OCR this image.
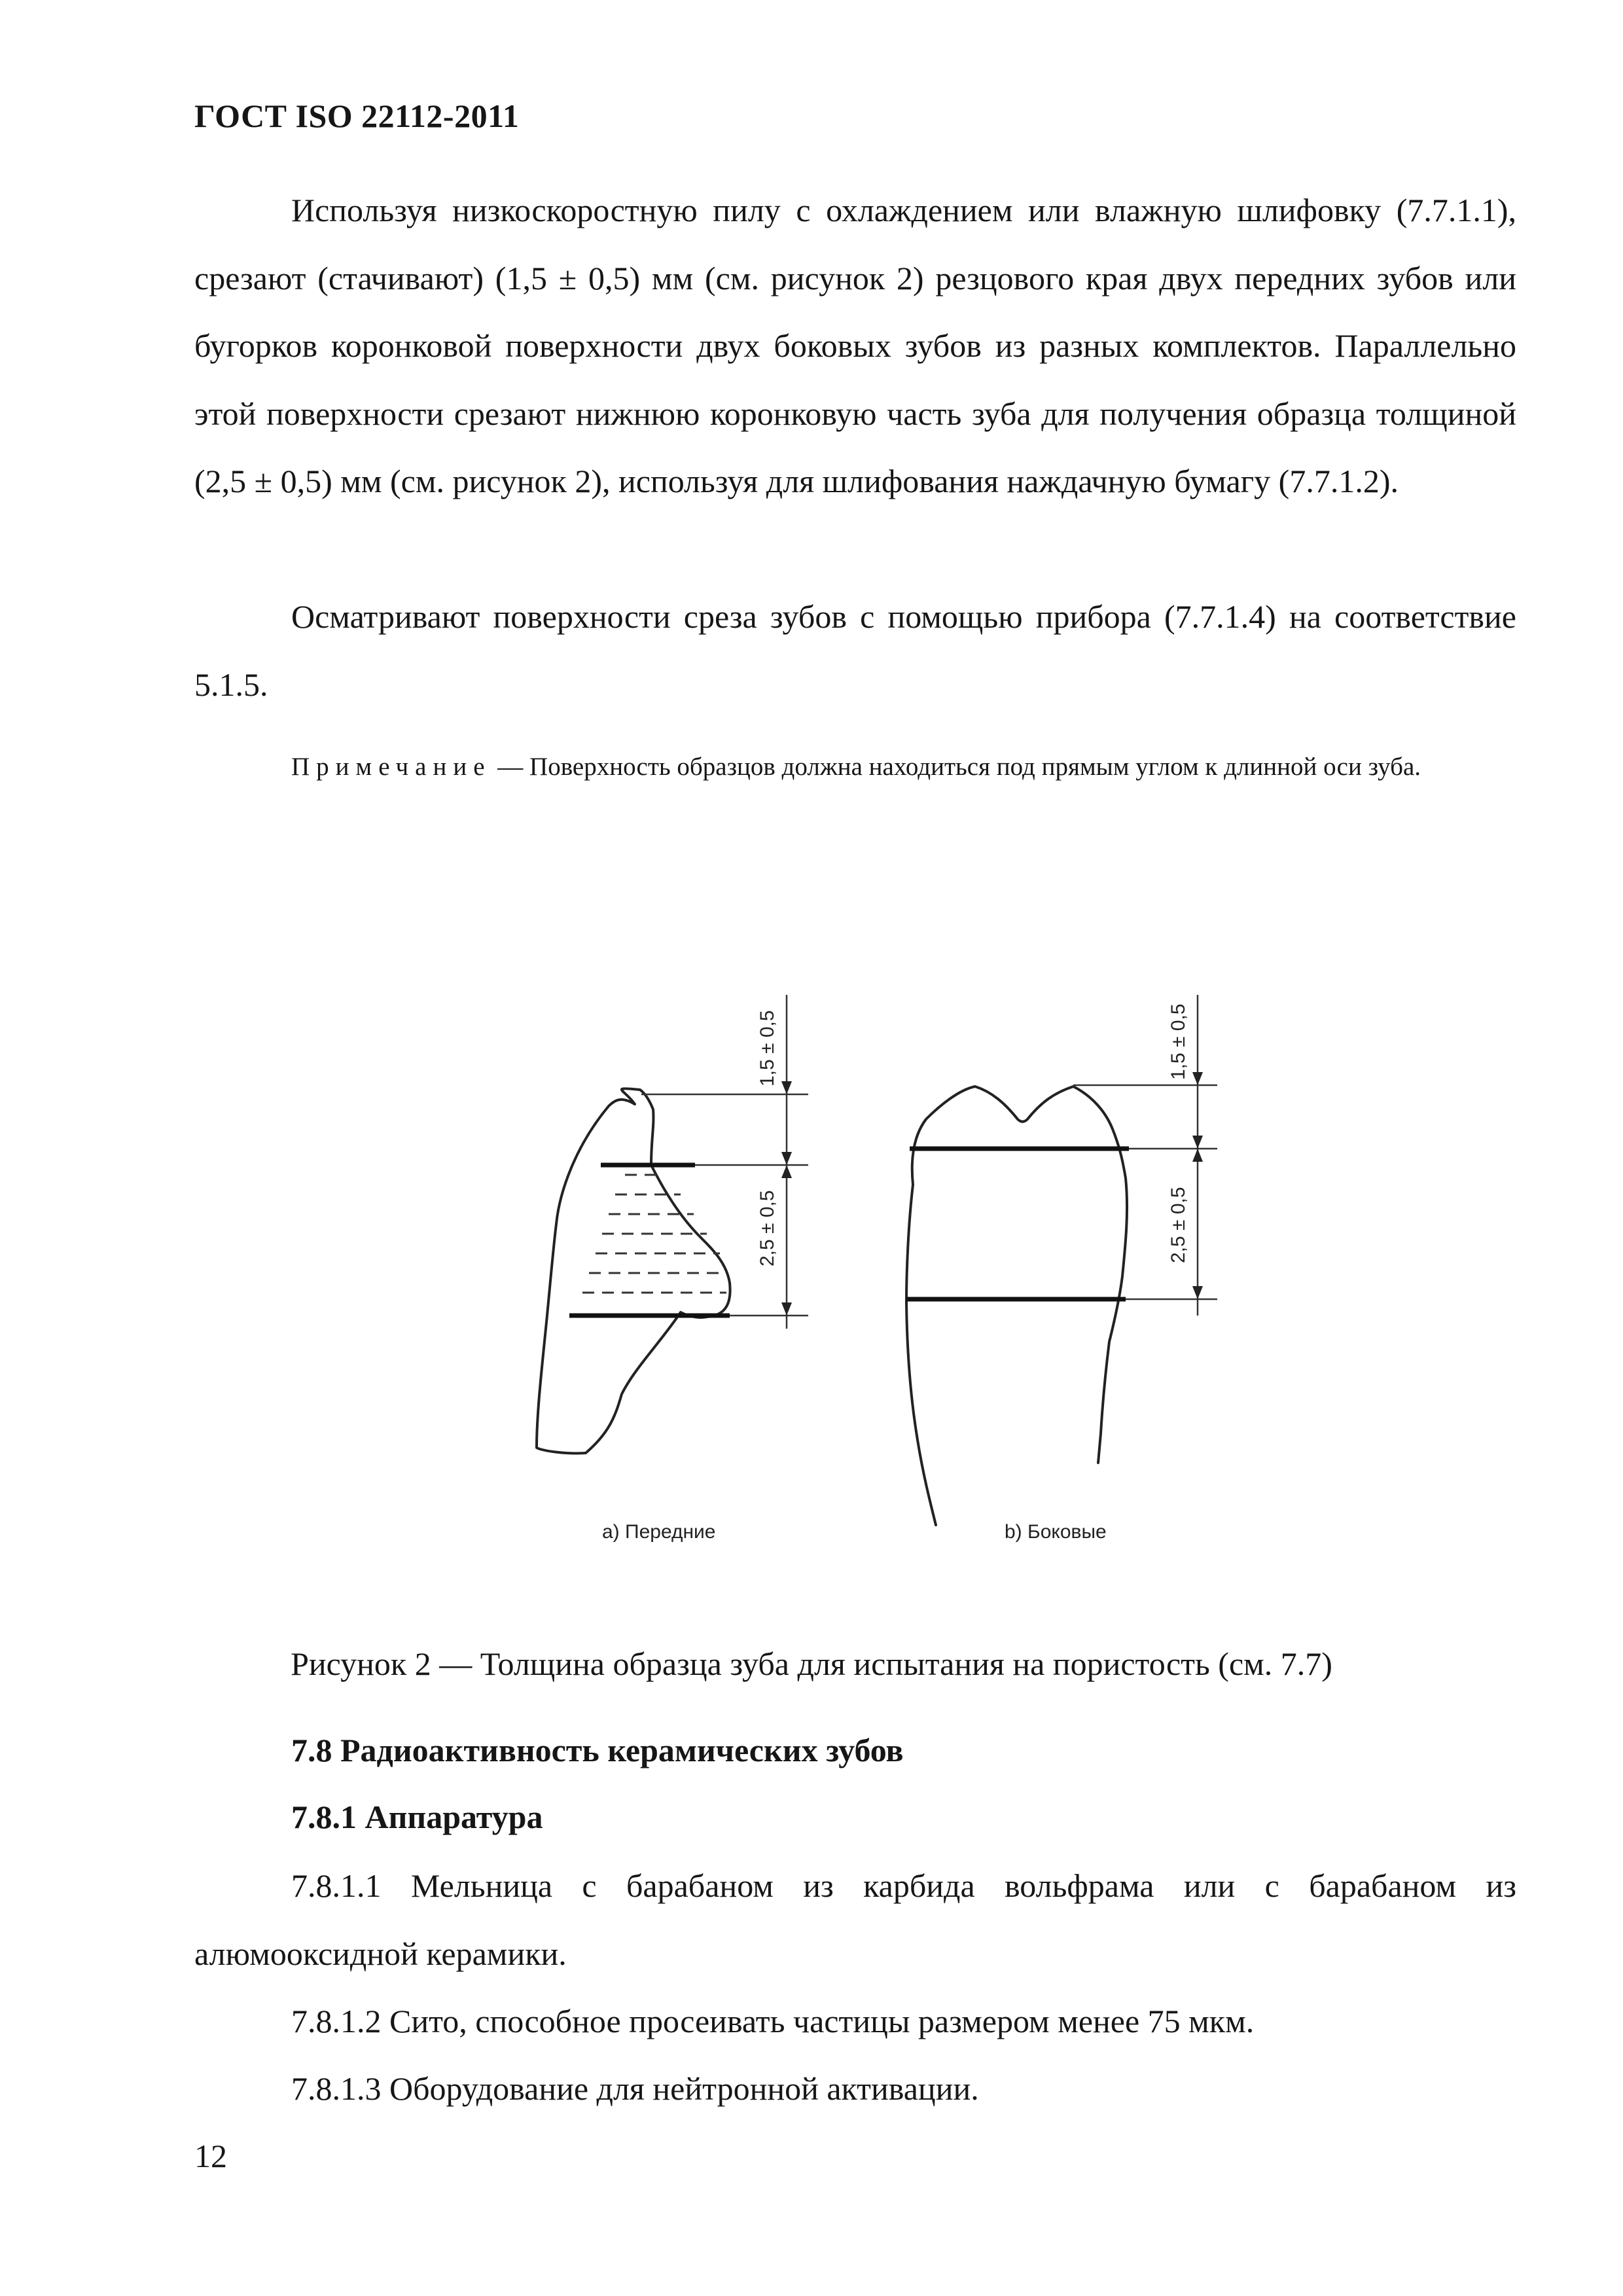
ГОСТ ISO 22112-2011

Используя низкоскоростную пилу с охлаждением или влажную шлифовку (7.7.1.1), срезают (стачивают) (1,5 ± 0,5) мм (см. рисунок 2) резцового края двух передних зубов или бугорков коронковой поверхности двух боковых зубов из разных комплектов. Параллельно этой поверхности срезают нижнюю коронковую часть зуба для получения образца толщиной (2,5 ± 0,5) мм (см. рисунок 2), используя для шлифования наждачную бумагу (7.7.1.2).

Осматривают поверхности среза зубов с помощью прибора (7.7.1.4) на соответствие 5.1.5.

Примечание — Поверхность образцов должна находиться под прямым углом к длинной оси зуба.

1,5 ± 0,5
2,5 ± 0,5
1,5 ± 0,5
2,5 ± 0,5
а) Передние	b) Боковые
Рисунок 2 — Толщина образца зуба для испытания на пористость (см. 7.7)
7.8 Радиоактивность керамических зубов
7.8.1 Аппаратура

7.8.1.1 Мельница с барабаном из карбида вольфрама или с барабаном из алюмооксидной керамики.

7.8.1.2 Сито, способное просеивать частицы размером менее 75 мкм.

7.8.1.3 Оборудование для нейтронной активации.

12
